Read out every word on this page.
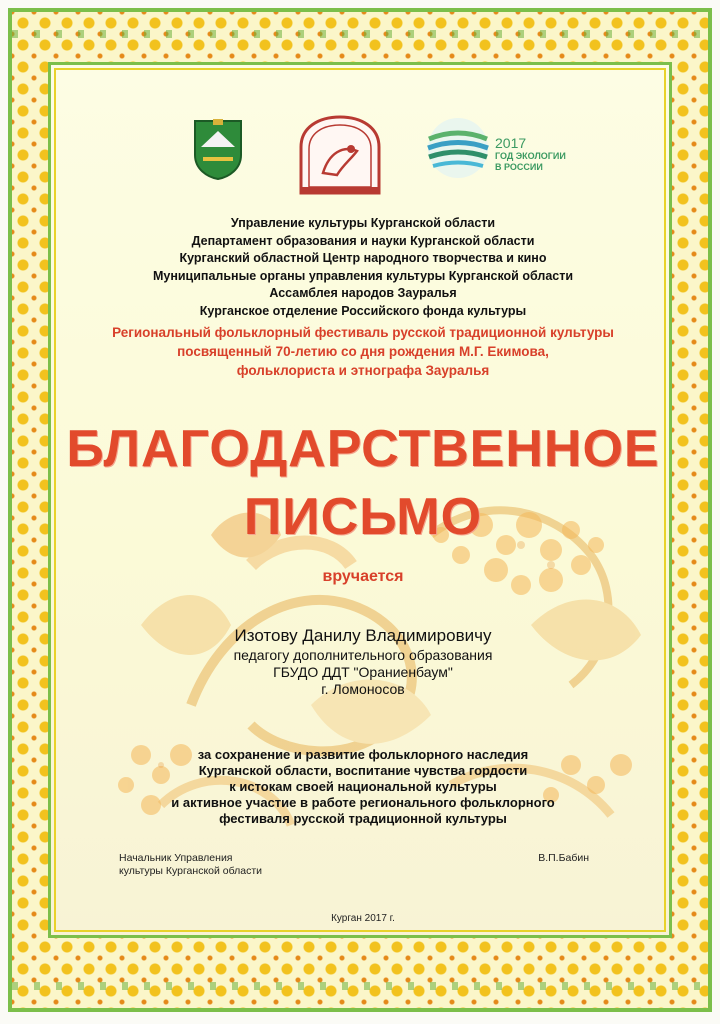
2017
ГОД ЭКОЛОГИИ
В РОССИИ
Управление культуры Курганской области
Департамент образования и науки Курганской области
Курганский областной Центр народного творчества и кино
Муниципальные органы управления культуры Курганской области
Ассамблея народов Зауралья
Курганское отделение Российского фонда культуры
Региональный фольклорный фестиваль русской традиционной культуры
посвященный 70-летию со дня рождения М.Г. Екимова,
фольклориста и этнографа Зауралья
БЛАГОДАРСТВЕННОЕ
ПИСЬМО
вручается
Изотову Данилу Владимировичу
педагогу дополнительного образования
ГБУДО ДДТ "Ораниенбаум"
г. Ломоносов
за сохранение и развитие фольклорного наследия
Курганской области, воспитание чувства гордости
к истокам своей национальной культуры
и активное участие в работе регионального фольклорного
фестиваля русской традиционной культуры
Начальник Управления
культуры Курганской области
В.П.Бабин
Курган 2017 г.
